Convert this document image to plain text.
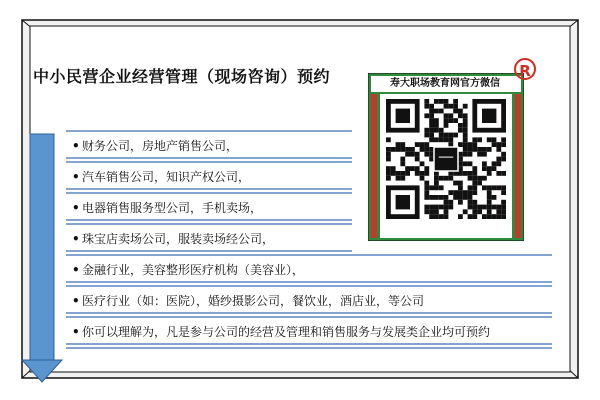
中小民营企业经营管理（现场咨询）预约
• 财务公司，房地产销售公司，
• 汽车销售公司，知识产权公司，
• 电器销售服务型公司，手机卖场，
• 珠宝店卖场公司，服装卖场经公司，
• 金融行业，美容整形医疗机构（美容业），
• 医疗行业（如：医院），婚纱摄影公司，餐饮业，酒店业，等公司
• 你可以理解为，凡是参与公司的经营及管理和销售服务与发展类企业均可预约
寿大职场教育网官方微信
R
